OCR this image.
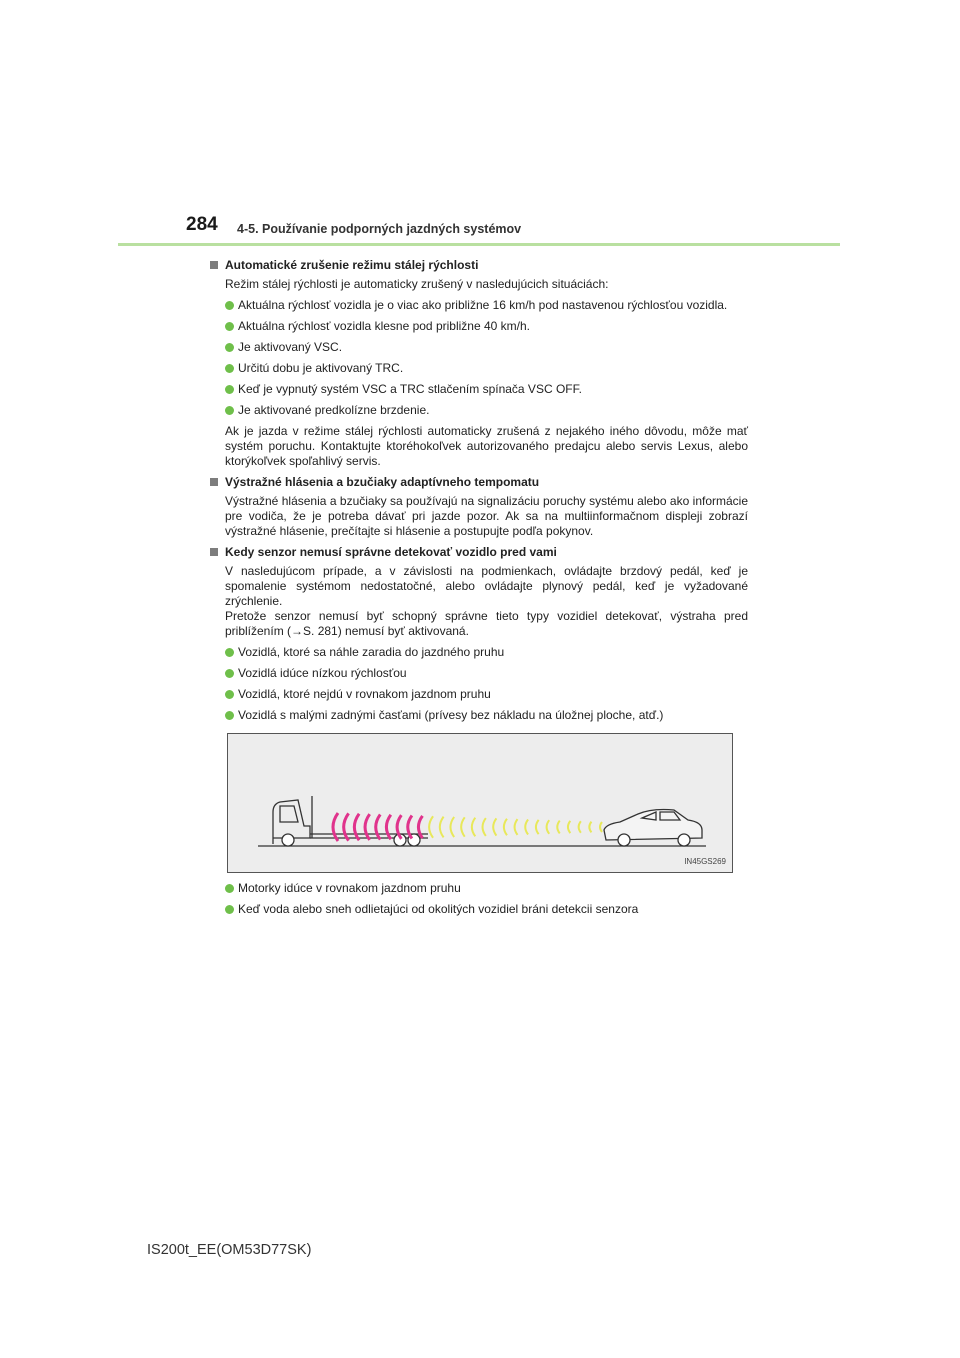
284 4-5. Používanie podporných jazdných systémov
Automatické zrušenie režimu stálej rýchlosti
Režim stálej rýchlosti je automaticky zrušený v nasledujúcich situáciách:
Aktuálna rýchlosť vozidla je o viac ako približne 16 km/h pod nastavenou rýchlosťou vozidla.
Aktuálna rýchlosť vozidla klesne pod približne 40 km/h.
Je aktivovaný VSC.
Určitú dobu je aktivovaný TRC.
Keď je vypnutý systém VSC a TRC stlačením spínača VSC OFF.
Je aktivované predkolízne brzdenie.
Ak je jazda v režime stálej rýchlosti automaticky zrušená z nejakého iného dôvodu, môže mať systém poruchu. Kontaktujte ktoréhokoľvek autorizovaného predajcu alebo servis Lexus, alebo ktorýkoľvek spoľahlivý servis.
Výstražné hlásenia a bzučiaky adaptívneho tempomatu
Výstražné hlásenia a bzučiaky sa používajú na signalizáciu poruchy systému alebo ako informácie pre vodiča, že je potreba dávať pri jazde pozor. Ak sa na multiinformačnom displeji zobrazí výstražné hlásenie, prečítajte si hlásenie a postupujte podľa pokynov.
Kedy senzor nemusí správne detekovať vozidlo pred vami
V nasledujúcom prípade, a v závislosti na podmienkach, ovládajte brzdový pedál, keď je spomalenie systémom nedostatočné, alebo ovládajte plynový pedál, keď je vyžadované zrýchlenie.
Pretože senzor nemusí byť schopný správne tieto typy vozidiel detekovať, výstraha pred priblížením (→S. 281) nemusí byť aktivovaná.
Vozidlá, ktoré sa náhle zaradia do jazdného pruhu
Vozidlá idúce nízkou rýchlosťou
Vozidlá, ktoré nejdú v rovnakom jazdnom pruhu
Vozidlá s malými zadnými časťami (prívesy bez nákladu na úložnej ploche, atď.)
IN45GS269
Motorky idúce v rovnakom jazdnom pruhu
Keď voda alebo sneh odlietajúci od okolitých vozidiel bráni detekcii senzora
IS200t_EE(OM53D77SK)
